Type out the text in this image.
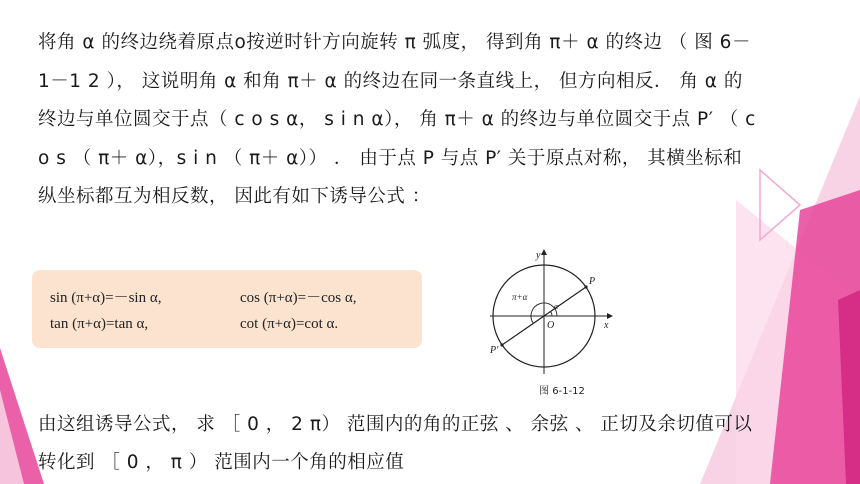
将角 α 的终边绕着原点o按逆时针方向旋转 π 弧度， 得到角 π＋ α 的终边 （ 图 6－1－1 2 ）， 这说明角 α 和角 π＋ α 的终边在同一条直线上， 但方向相反． 角 α 的终边与单位圆交于点（ c o s α， s i n α）， 角 π＋ α 的终边与单位圆交于点 P′ （ c o s （ π＋ α），s i n （ π＋ α）） ． 由于点 P 与点 P′ 关于原点对称， 其横坐标和纵坐标都互为相反数， 因此有如下诱导公式 ：
sin (π+α)=－sin α,	cos (π+α)=－cos α,
tan (π+α)=tan α,	cot (π+α)=cot α.
y
x
O
P
P′
π+α
α
图 6-1-12
由这组诱导公式， 求 ［ 0 ， 2 π） 范围内的角的正弦 、 余弦 、 正切及余切值可以转化到 ［ 0 ， π ） 范围内一个角的相应值
